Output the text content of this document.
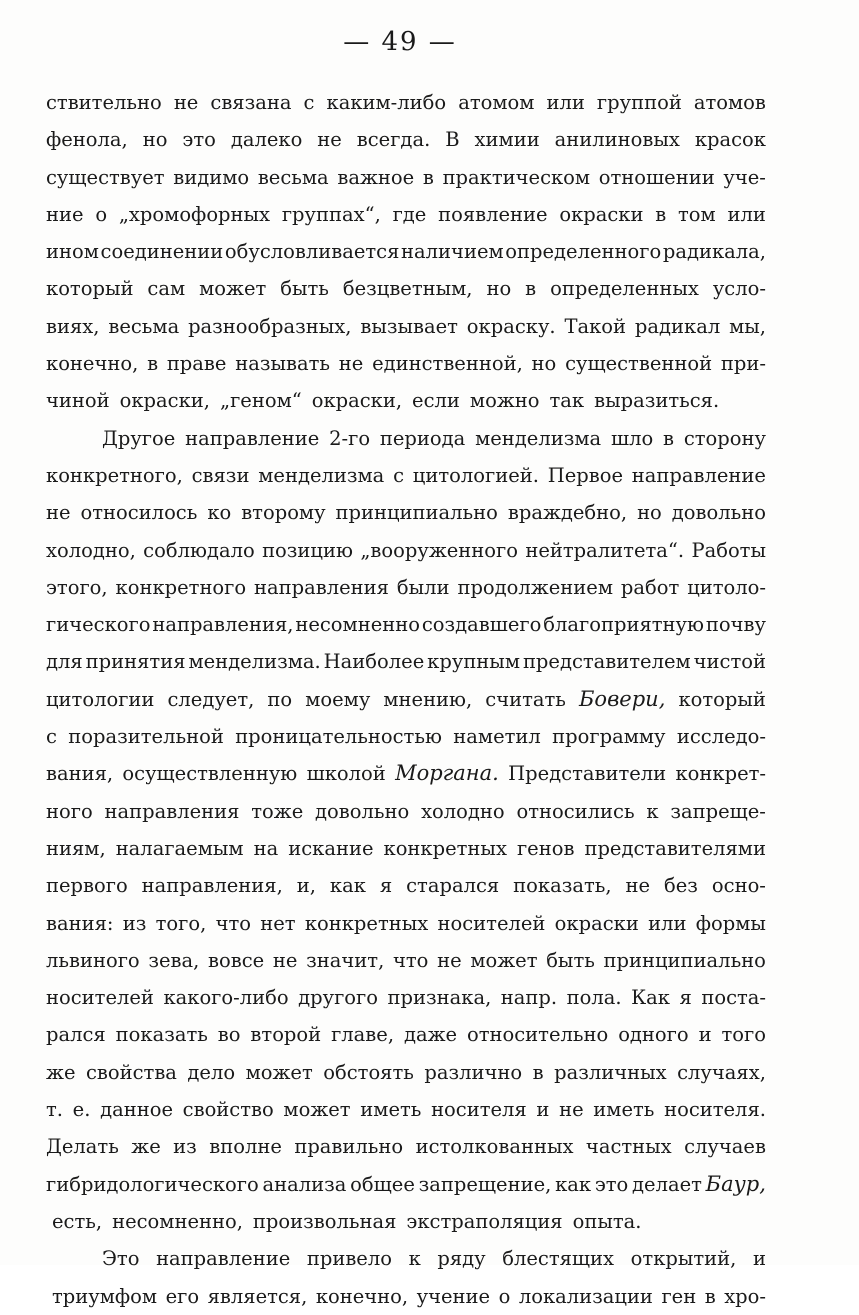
— 49 —
ствительно не связана с каким-либо атомом или группой атомов
фенола, но это далеко не всегда. В химии анилиновых красок
существует видимо весьма важное в практическом отношении уче-
ние о „хромофорных группах“, где появление окраски в том или
ином соединении обусловливается наличием определенного радикала,
который сам может быть безцветным, но в определенных усло-
виях, весьма разнообразных, вызывает окраску. Такой радикал мы,
конечно, в праве называть не единственной, но существенной при-
чиной окраски, „геном“ окраски, если можно так выразиться.
Другое направление 2-го периода менделизма шло в сторону
конкретного, связи менделизма с цитологией. Первое направление
не относилось ко второму принципиально враждебно, но довольно
холодно, соблюдало позицию „вооруженного нейтралитета“. Работы
этого, конкретного направления были продолжением работ цитоло-
гического направления, несомненно создавшего благоприятную почву
для принятия менделизма. Наиболее крупным представителем чистой
цитологии следует, по моему мнению, считать Бовери, который
с поразительной проницательностью наметил программу исследо-
вания, осуществленную школой Моргана. Представители конкрет-
ного направления тоже довольно холодно относились к запреще-
ниям, налагаемым на искание конкретных генов представителями
первого направления, и, как я старался показать, не без осно-
вания: из того, что нет конкретных носителей окраски или формы
львиного зева, вовсе не значит, что не может быть принципиально
носителей какого-либо другого признака, напр. пола. Как я поста-
рался показать во второй главе, даже относительно одного и того
же свойства дело может обстоять различно в различных случаях,
т. е. данное свойство может иметь носителя и не иметь носителя.
Делать же из вполне правильно истолкованных частных случаев
гибридологического анализа общее запрещение, как это делает Баур,
есть, несомненно, произвольная экстраполяция опыта.
Это направление привело к ряду блестящих открытий, и
триумфом его является, конечно, учение о локализации ген в хро-
